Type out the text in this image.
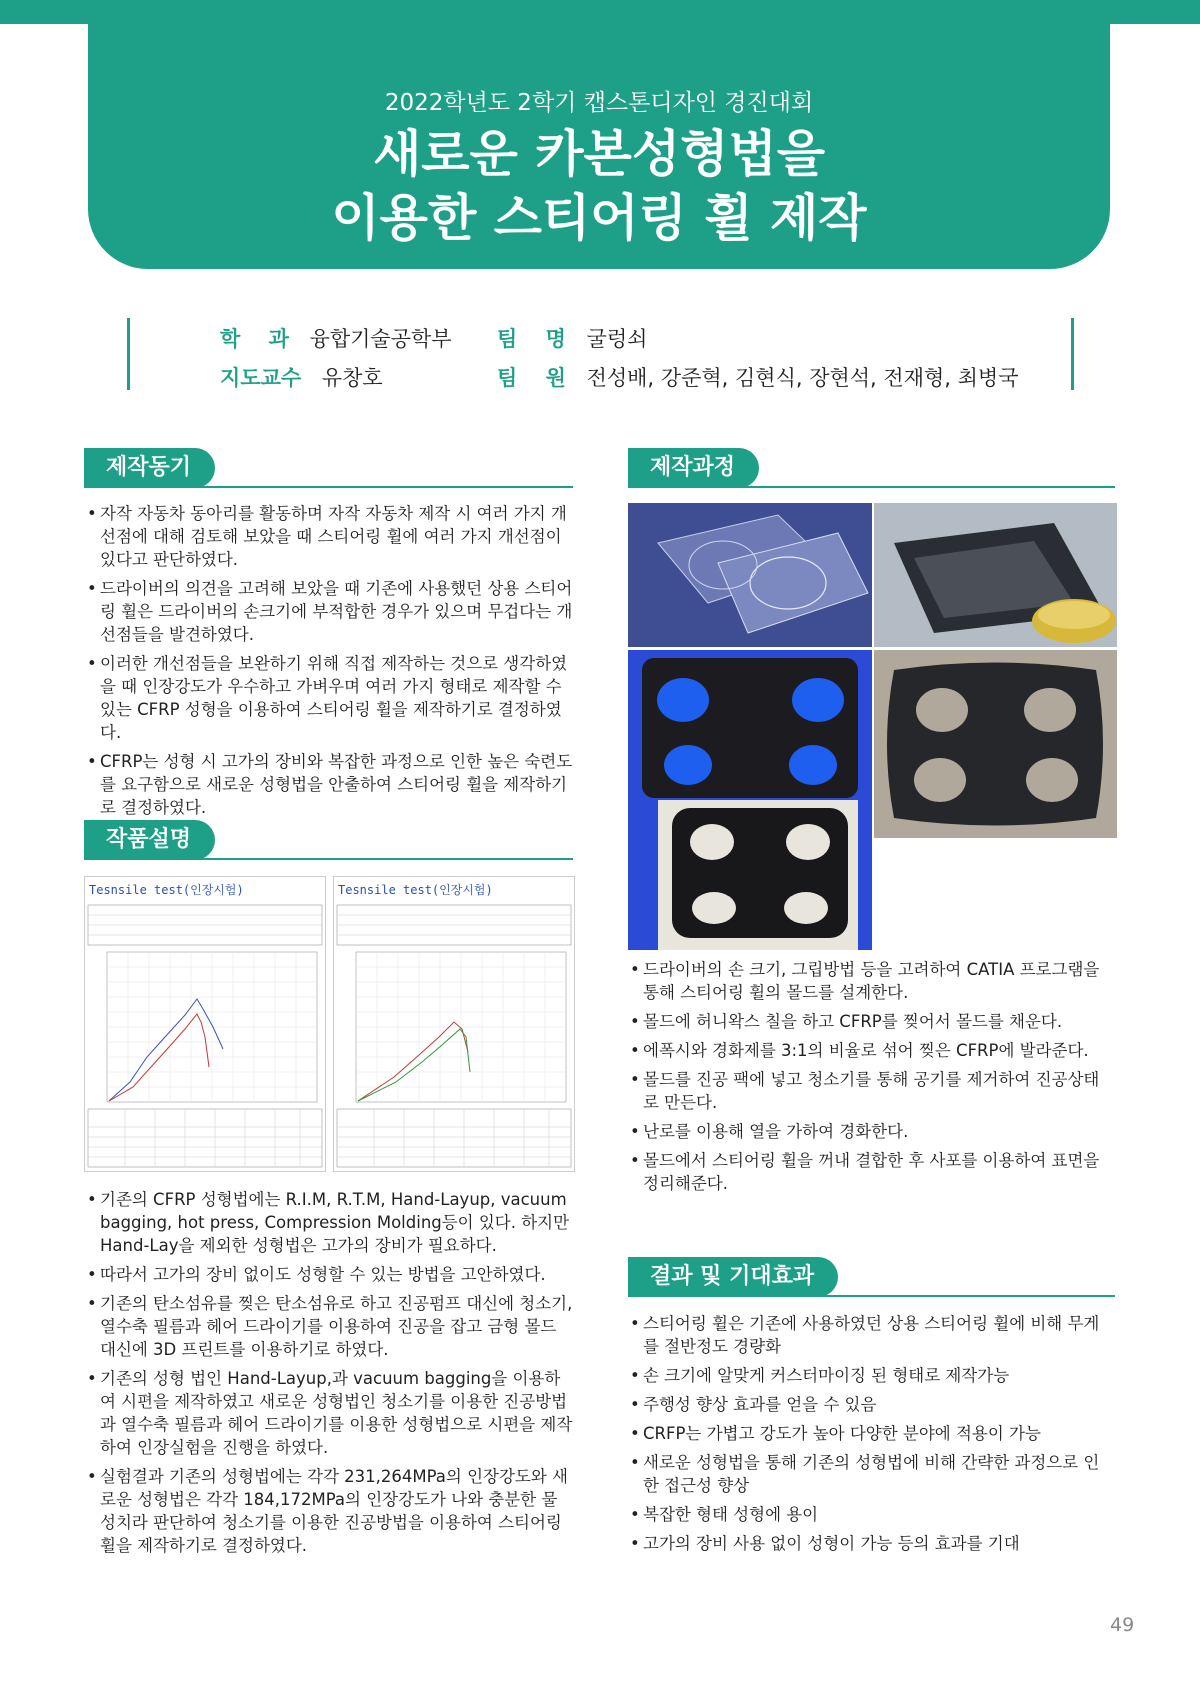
2022학년도 2학기 캡스톤디자인 경진대회
새로운 카본성형법을
이용한 스티어링 휠 제작
학　 과 융합기술공학부 팀　 명 굴렁쇠
지도교수 유창호	팀　 원 전성배, 강준혁, 김현식, 장현석, 전재형, 최병국
제작동기
• 자작 자동차 동아리를 활동하며 자작 자동차 제작 시 여러 가지 개선점에 대해 검토해 보았을 때 스티어링 휠에 여러 가지 개선점이 있다고 판단하였다.
• 드라이버의 의견을 고려해 보았을 때 기존에 사용했던 상용 스티어링 휠은 드라이버의 손크기에 부적합한 경우가 있으며 무겁다는 개선점들을 발견하였다.
• 이러한 개선점들을 보완하기 위해 직접 제작하는 것으로 생각하였을 때 인장강도가 우수하고 가벼우며 여러 가지 형태로 제작할 수 있는 CFRP 성형을 이용하여 스티어링 휠을 제작하기로 결정하였다.
• CFRP는 성형 시 고가의 장비와 복잡한 과정으로 인한 높은 숙련도를 요구함으로 새로운 성형법을 안출하여 스티어링 휠을 제작하기로 결정하였다.
작품설명
Tesnsile test(인장시험)	Tesnsile test(인장시험)
• 기존의 CFRP 성형법에는 R.I.M, R.T.M, Hand-Layup, vacuum bagging, hot press, Compression Molding등이 있다. 하지만 Hand-Lay을 제외한 성형법은 고가의 장비가 필요하다.
• 따라서 고가의 장비 없이도 성형할 수 있는 방법을 고안하였다.
• 기존의 탄소섬유를 찢은 탄소섬유로 하고 진공펌프 대신에 청소기, 열수축 필름과 헤어 드라이기를 이용하여 진공을 잡고 금형 몰드 대신에 3D 프린트를 이용하기로 하였다.
• 기존의 성형 법인 Hand-Layup,과 vacuum bagging을 이용하여 시편을 제작하였고 새로운 성형법인 청소기를 이용한 진공방법과 열수축 필름과 헤어 드라이기를 이용한 성형법으로 시편을 제작하여 인장실험을 진행을 하였다.
• 실험결과 기존의 성형법에는 각각 231,264MPa의 인장강도와 새로운 성형법은 각각 184,172MPa의 인장강도가 나와 충분한 물성치라 판단하여 청소기를 이용한 진공방법을 이용하여 스티어링 휠을 제작하기로 결정하였다.
제작과정
• 드라이버의 손 크기, 그립방법 등을 고려하여 CATIA 프로그램을 통해 스티어링 휠의 몰드를 설계한다.
• 몰드에 허니왁스 칠을 하고 CFRP를 찢어서 몰드를 채운다.
• 에폭시와 경화제를 3:1의 비율로 섞어 찢은 CFRP에 발라준다.
• 몰드를 진공 팩에 넣고 청소기를 통해 공기를 제거하여 진공상태로 만든다.
• 난로를 이용해 열을 가하여 경화한다.
• 몰드에서 스티어링 휠을 꺼내 결합한 후 사포를 이용하여 표면을 정리해준다.
결과 및 기대효과
• 스티어링 휠은 기존에 사용하였던 상용 스티어링 휠에 비해 무게를 절반정도 경량화
• 손 크기에 알맞게 커스터마이징 된 형태로 제작가능
• 주행성 향상 효과를 얻을 수 있음
• CRFP는 가볍고 강도가 높아 다양한 분야에 적용이 가능
• 새로운 성형법을 통해 기존의 성형법에 비해 간략한 과정으로 인한 접근성 향상
• 복잡한 형태 성형에 용이
• 고가의 장비 사용 없이 성형이 가능 등의 효과를 기대
49
